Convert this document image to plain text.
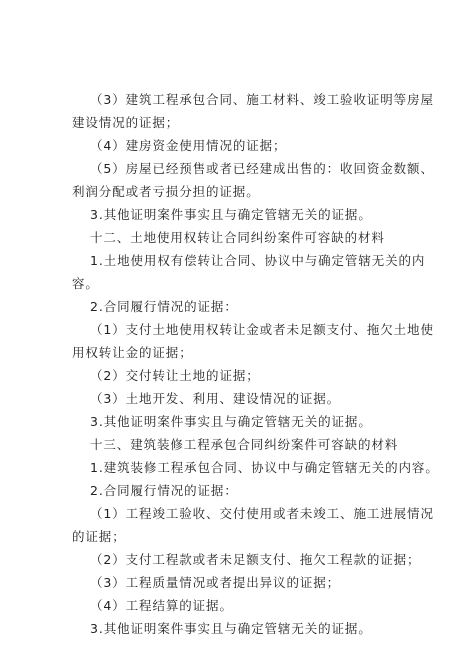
（3）建筑工程承包合同、施工材料、竣工验收证明等房屋
建设情况的证据；
（4）建房资金使用情况的证据；
（5）房屋已经预售或者已经建成出售的：收回资金数额、
利润分配或者亏损分担的证据。
3.其他证明案件事实且与确定管辖无关的证据。
十二、土地使用权转让合同纠纷案件可容缺的材料
1.土地使用权有偿转让合同、协议中与确定管辖无关的内
容。
2.合同履行情况的证据：
（1）支付土地使用权转让金或者未足额支付、拖欠土地使
用权转让金的证据；
（2）交付转让土地的证据；
（3）土地开发、利用、建设情况的证据。
3.其他证明案件事实且与确定管辖无关的证据。
十三、建筑装修工程承包合同纠纷案件可容缺的材料
1.建筑装修工程承包合同、协议中与确定管辖无关的内容。
2.合同履行情况的证据：
（1）工程竣工验收、交付使用或者未竣工、施工进展情况
的证据；
（2）支付工程款或者未足额支付、拖欠工程款的证据；
（3）工程质量情况或者提出异议的证据；
（4）工程结算的证据。
3.其他证明案件事实且与确定管辖无关的证据。
